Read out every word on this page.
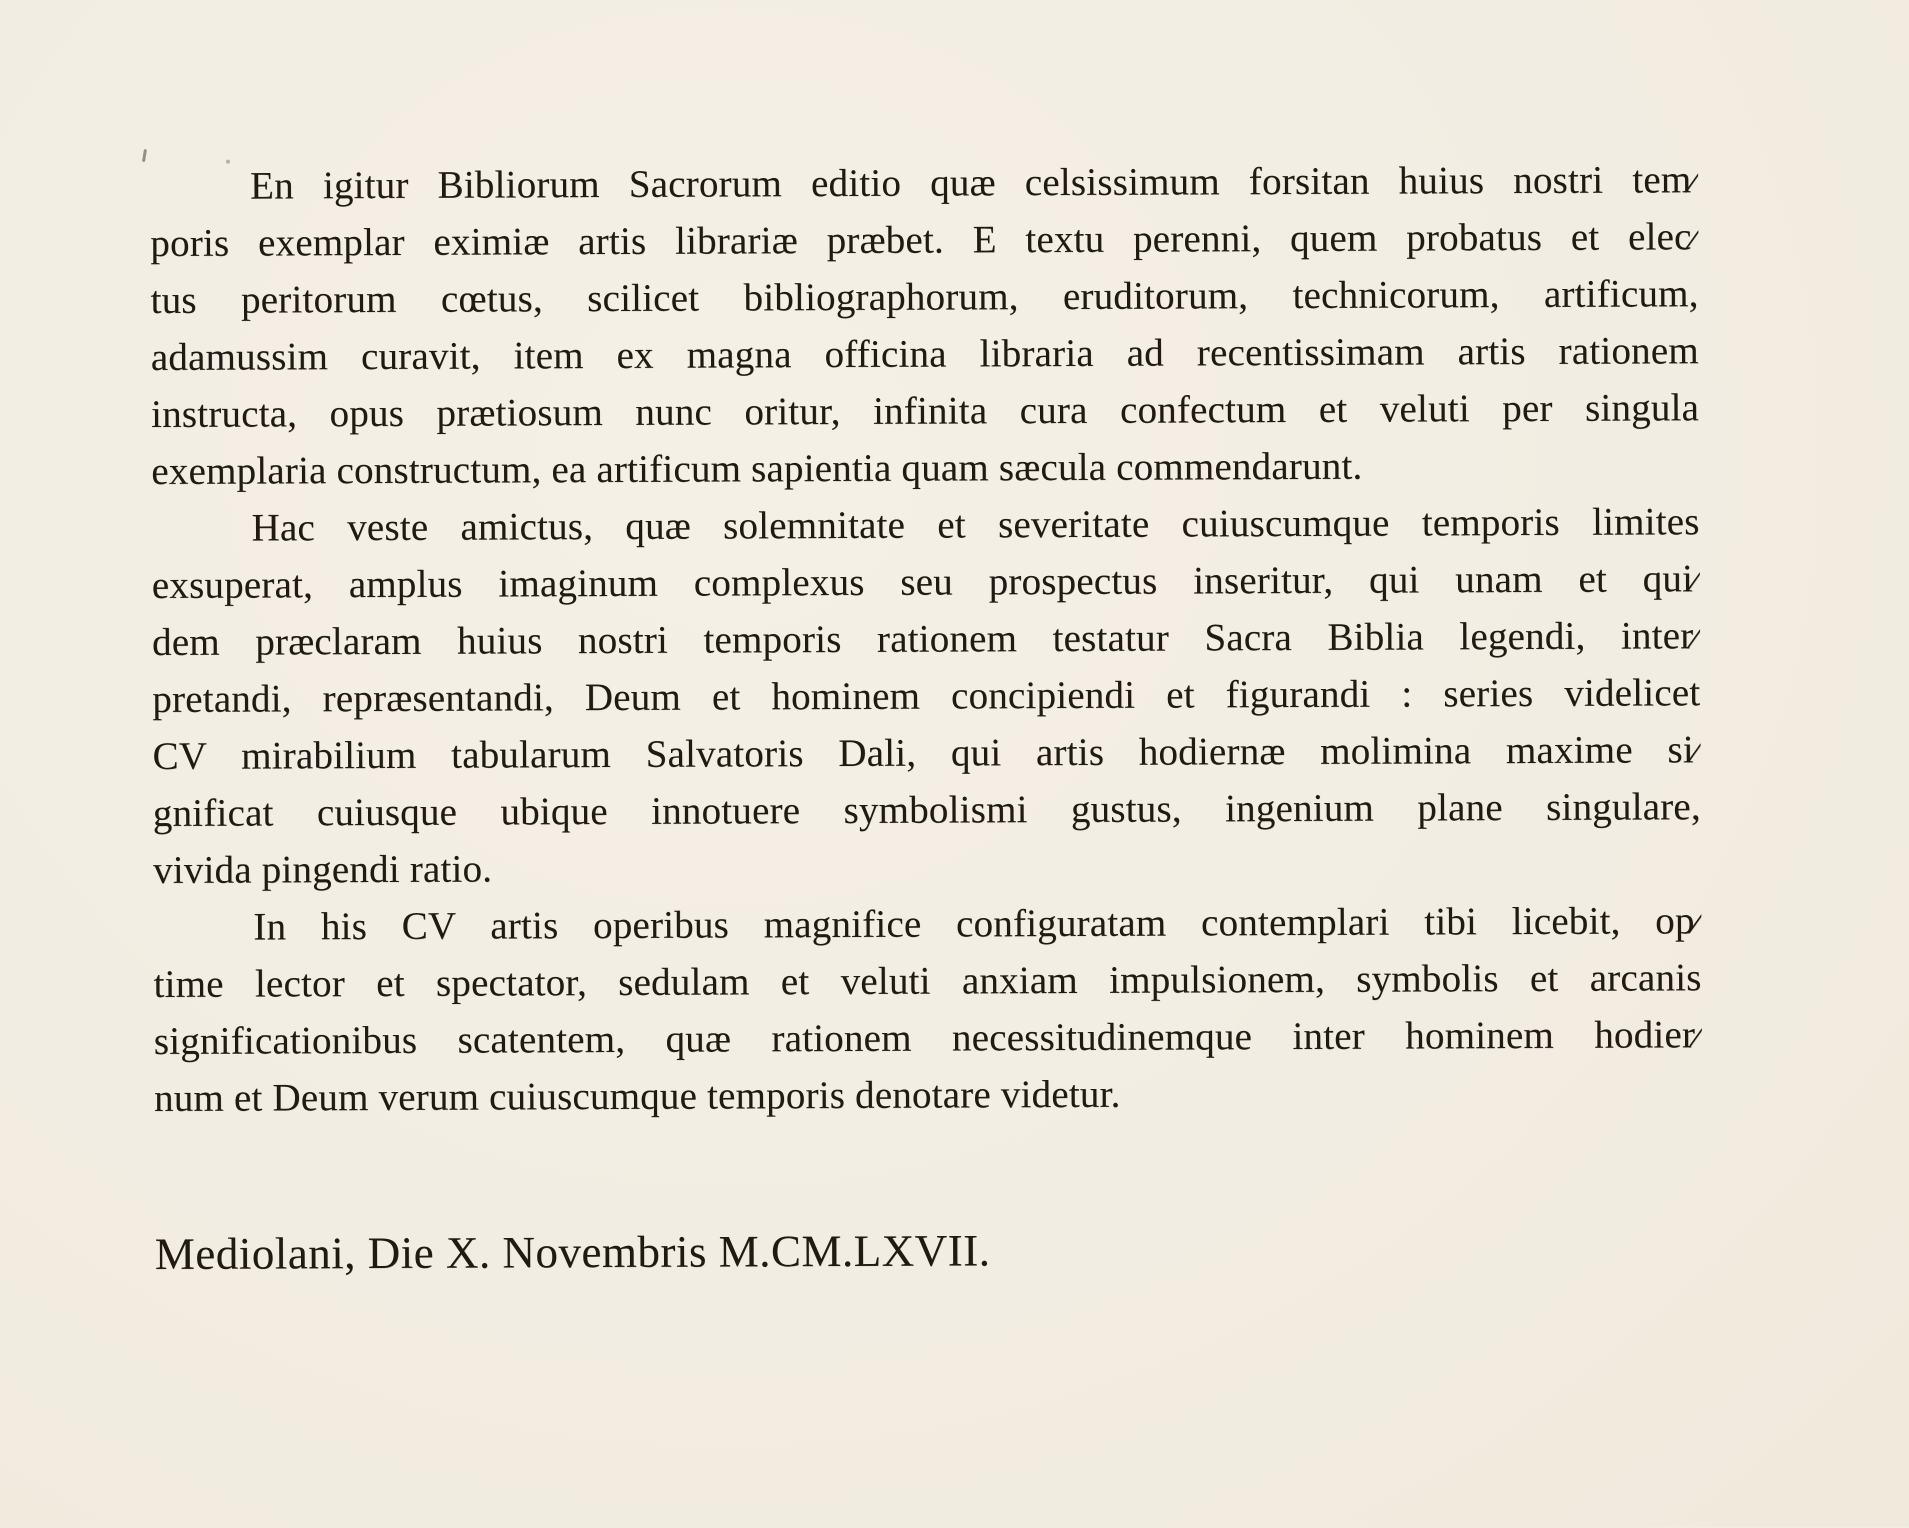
En igitur Bibliorum Sacrorum editio quæ celsissimum forsitan huius nostri tem⁄
poris exemplar eximiæ artis librariæ præbet. E textu perenni, quem probatus et elec⁄
tus peritorum cœtus, scilicet bibliographorum, eruditorum, technicorum, artificum,
adamussim curavit, item ex magna officina libraria ad recentissimam artis rationem
instructa, opus prætiosum nunc oritur, infinita cura confectum et veluti per singula
exemplaria constructum, ea artificum sapientia quam sæcula commendarunt.
Hac veste amictus, quæ solemnitate et severitate cuiuscumque temporis limites
exsuperat, amplus imaginum complexus seu prospectus inseritur, qui unam et qui⁄
dem præclaram huius nostri temporis rationem testatur Sacra Biblia legendi, inter⁄
pretandi, repræsentandi, Deum et hominem concipiendi et figurandi : series videlicet
CV mirabilium tabularum Salvatoris Dali, qui artis hodiernæ molimina maxime si⁄
gnificat cuiusque ubique innotuere symbolismi gustus, ingenium plane singulare,
vivida pingendi ratio.
In his CV artis operibus magnifice configuratam contemplari tibi licebit, op⁄
time lector et spectator, sedulam et veluti anxiam impulsionem, symbolis et arcanis
significationibus scatentem, quæ rationem necessitudinemque inter hominem hodier⁄
num et Deum verum cuiuscumque temporis denotare videtur.
Mediolani, Die X. Novembris M.CM.LXVII.
